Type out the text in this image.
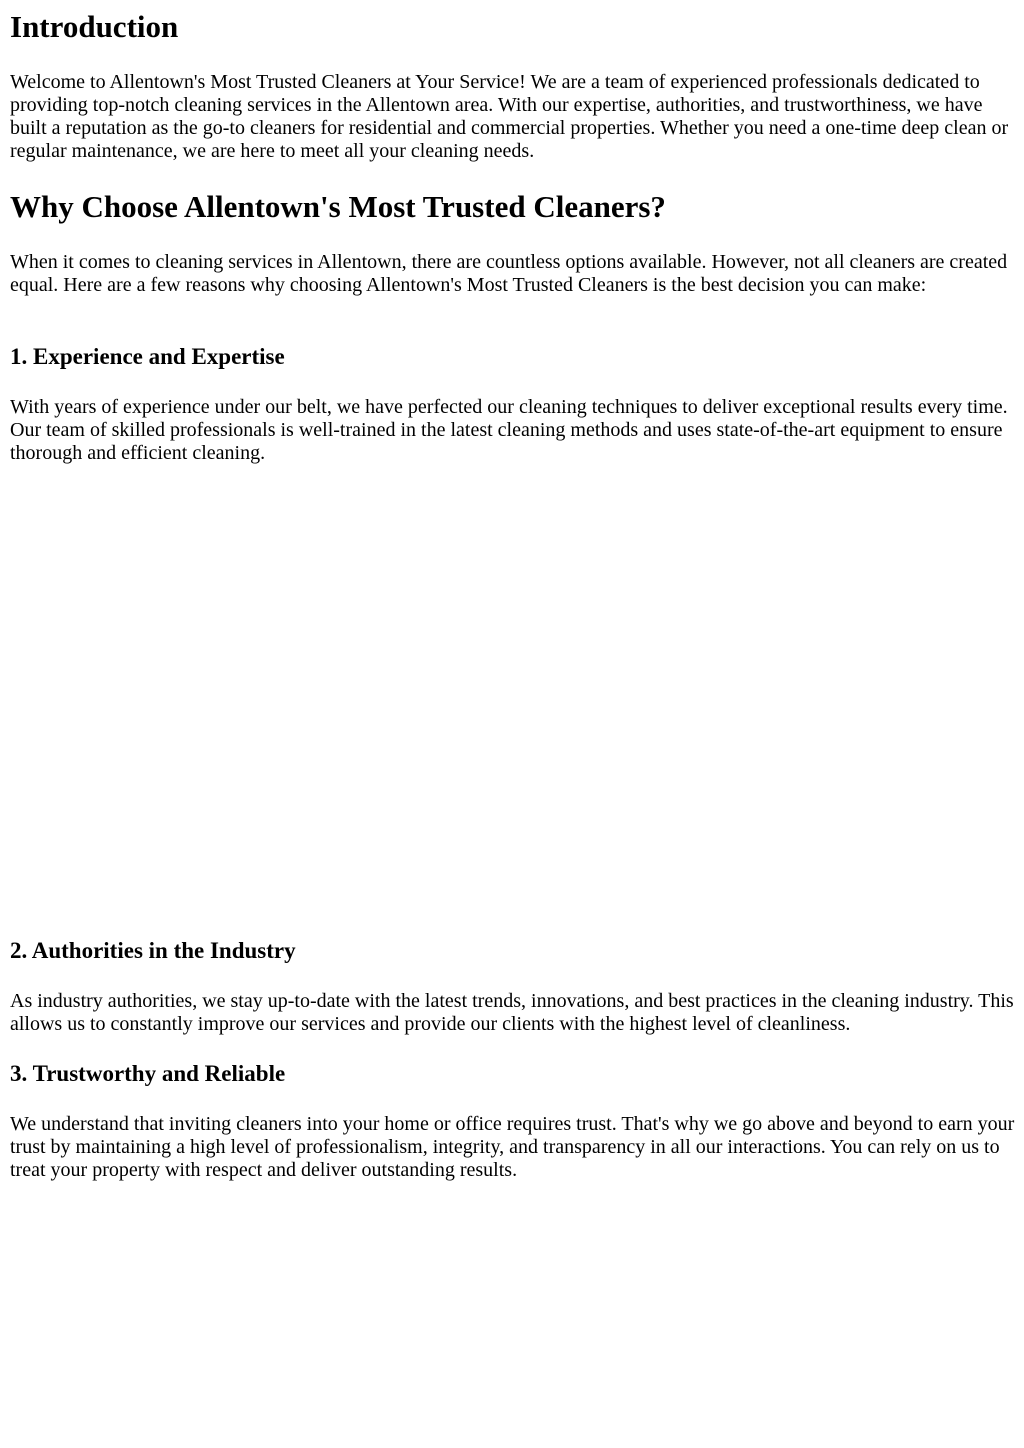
Introduction

Welcome to Allentown's Most Trusted Cleaners at Your Service! We are a team of experienced professionals dedicated to providing top-notch cleaning services in the Allentown area. With our expertise, authorities, and trustworthiness, we have built a reputation as the go-to cleaners for residential and commercial properties. Whether you need a one-time deep clean or regular maintenance, we are here to meet all your cleaning needs.

Why Choose Allentown's Most Trusted Cleaners?

When it comes to cleaning services in Allentown, there are countless options available. However, not all cleaners are created equal. Here are a few reasons why choosing Allentown's Most Trusted Cleaners is the best decision you can make:

1. Experience and Expertise

With years of experience under our belt, we have perfected our cleaning techniques to deliver exceptional results every time. Our team of skilled professionals is well-trained in the latest cleaning methods and uses state-of-the-art equipment to ensure thorough and efficient cleaning.

2. Authorities in the Industry

As industry authorities, we stay up-to-date with the latest trends, innovations, and best practices in the cleaning industry. This allows us to constantly improve our services and provide our clients with the highest level of cleanliness.

3. Trustworthy and Reliable

We understand that inviting cleaners into your home or office requires trust. That's why we go above and beyond to earn your trust by maintaining a high level of professionalism, integrity, and transparency in all our interactions. You can rely on us to treat your property with respect and deliver outstanding results.
